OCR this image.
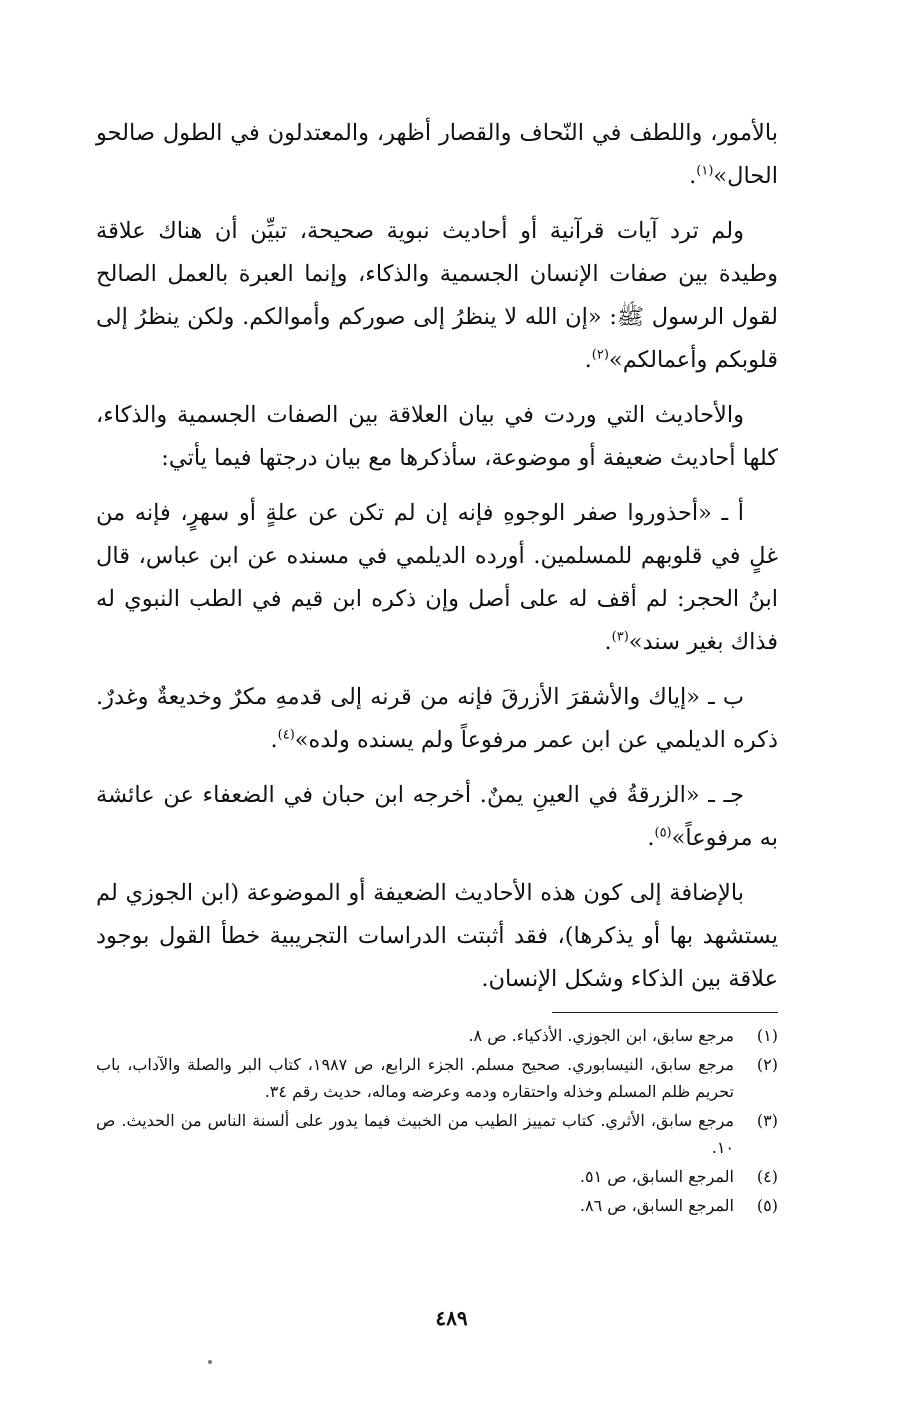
بالأمور، واللطف في النّحاف والقصار أظهر، والمعتدلون في الطول صالحو الحال»$^{(١)}$.

ولم ترد آيات قرآنية أو أحاديث نبوية صحيحة، تبيِّن أن هناك علاقة وطيدة بين صفات الإنسان الجسمية والذكاء، وإنما العبرة بالعمل الصالح لقول الرسول ﷺ: «إن الله لا ينظرُ إلى صوركم وأموالكم. ولكن ينظرُ إلى قلوبكم وأعمالكم»$^{(٢)}$.

والأحاديث التي وردت في بيان العلاقة بين الصفات الجسمية والذكاء، كلها أحاديث ضعيفة أو موضوعة، سأذكرها مع بيان درجتها فيما يأتي:

أ ـ «أحذوروا صفر الوجوهِ فإنه إن لم تكن عن علةٍ أو سهرٍ، فإنه من غلٍ في قلوبهم للمسلمين. أورده الديلمي في مسنده عن ابن عباس، قال ابنُ الحجر: لم أقف له على أصل وإن ذكره ابن قيم في الطب النبوي له فذاك بغير سند»$^{(٣)}$.

ب ـ «إياك والأشقرَ الأزرقَ فإنه من قرنه إلى قدمهِ مكرٌ وخديعةٌ وغدرٌ. ذكره الديلمي عن ابن عمر مرفوعاً ولم يسنده ولده»$^{(٤)}$.

جـ ـ «الزرقةُ في العينِ يمنٌ. أخرجه ابن حبان في الضعفاء عن عائشة به مرفوعاً»$^{(٥)}$.

بالإضافة إلى كون هذه الأحاديث الضعيفة أو الموضوعة (ابن الجوزي لم يستشهد بها أو يذكرها)، فقد أثبتت الدراسات التجريبية خطأ القول بوجود علاقة بين الذكاء وشكل الإنسان.

(١)
مرجع سابق، ابن الجوزي. الأذكياء. ص ٨.
(٢)
مرجع سابق، النيسابوري. صحيح مسلم. الجزء الرابع، ص ١٩٨٧، كتاب البر والصلة والآداب، باب تحريم ظلم المسلم وخذله واحتقاره ودمه وعرضه وماله، حديث رقم ٣٤.
(٣)
مرجع سابق، الأثري. كتاب تمييز الطيب من الخبيث فيما يدور على ألسنة الناس من الحديث. ص ١٠.
(٤)
المرجع السابق، ص ٥١.
(٥)
المرجع السابق، ص ٨٦.
٤٨٩
